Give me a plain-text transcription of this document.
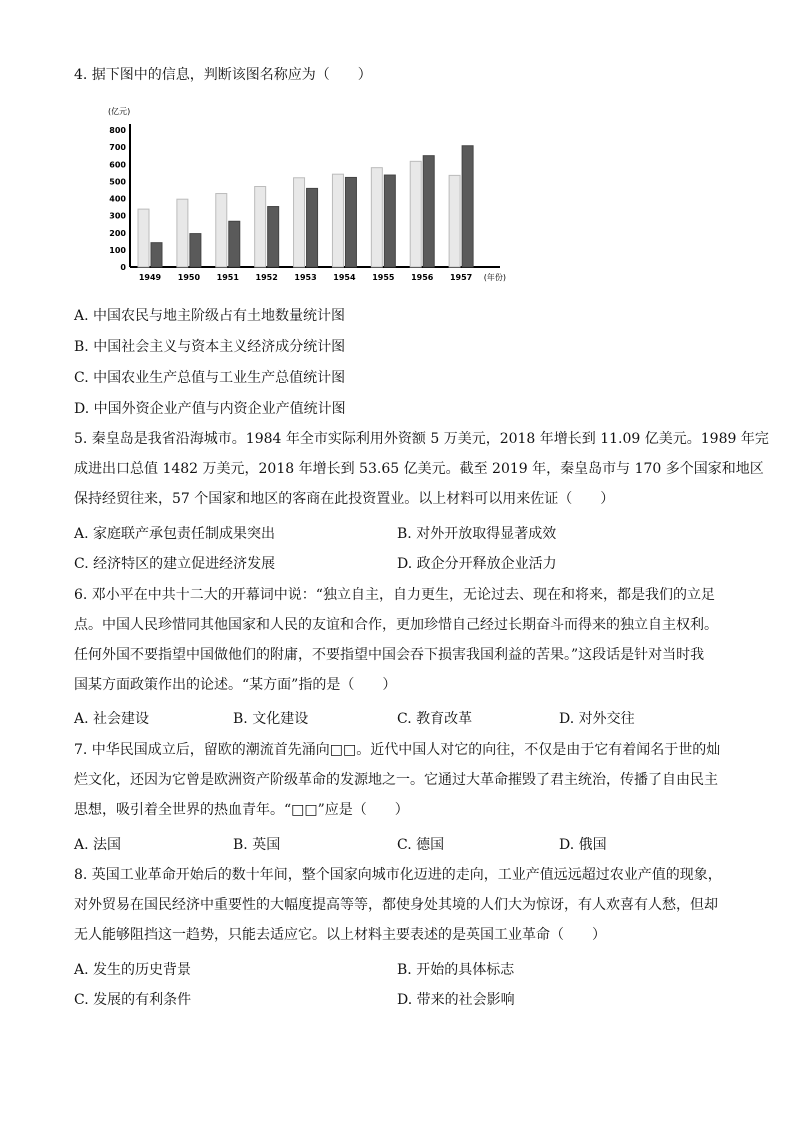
4. 据下图中的信息，判断该图名称应为（　　）
(亿元)
0
100
200
300
400
500
600
700
800
1949 1950 1951 1952 1953 1954 1955 1956 1957 (年份)
A. 中国农民与地主阶级占有土地数量统计图
B. 中国社会主义与资本主义经济成分统计图
C. 中国农业生产总值与工业生产总值统计图
D. 中国外资企业产值与内资企业产值统计图
5. 秦皇岛是我省沿海城市。1984 年全市实际利用外资额 5 万美元，2018 年增长到 11.09 亿美元。1989 年完
成进出口总值 1482 万美元，2018 年增长到 53.65 亿美元。截至 2019 年，秦皇岛市与 170 多个国家和地区
保持经贸往来，57 个国家和地区的客商在此投资置业。以上材料可以用来佐证（　　）
A. 家庭联产承包责任制成果突出	B. 对外开放取得显著成效
C. 经济特区的建立促进经济发展	D. 政企分开释放企业活力
6. 邓小平在中共十二大的开幕词中说：“独立自主，自力更生，无论过去、现在和将来，都是我们的立足
点。中国人民珍惜同其他国家和人民的友谊和合作，更加珍惜自己经过长期奋斗而得来的独立自主权利。
任何外国不要指望中国做他们的附庸，不要指望中国会吞下损害我国利益的苦果。”这段话是针对当时我
国某方面政策作出的论述。“某方面”指的是（　　）
A. 社会建设	B. 文化建设	C. 教育改革	D. 对外交往
7. 中华民国成立后，留欧的潮流首先涌向□□。近代中国人对它的向往，不仅是由于它有着闻名于世的灿
烂文化，还因为它曾是欧洲资产阶级革命的发源地之一。它通过大革命摧毁了君主统治，传播了自由民主
思想，吸引着全世界的热血青年。“□□”应是（　　）
A. 法国	B. 英国	C. 德国	D. 俄国
8. 英国工业革命开始后的数十年间，整个国家向城市化迈进的走向，工业产值远远超过农业产值的现象，
对外贸易在国民经济中重要性的大幅度提高等等，都使身处其境的人们大为惊讶，有人欢喜有人愁，但却
无人能够阻挡这一趋势，只能去适应它。以上材料主要表述的是英国工业革命（　　）
A. 发生的历史背景	B. 开始的具体标志
C. 发展的有利条件	D. 带来的社会影响
